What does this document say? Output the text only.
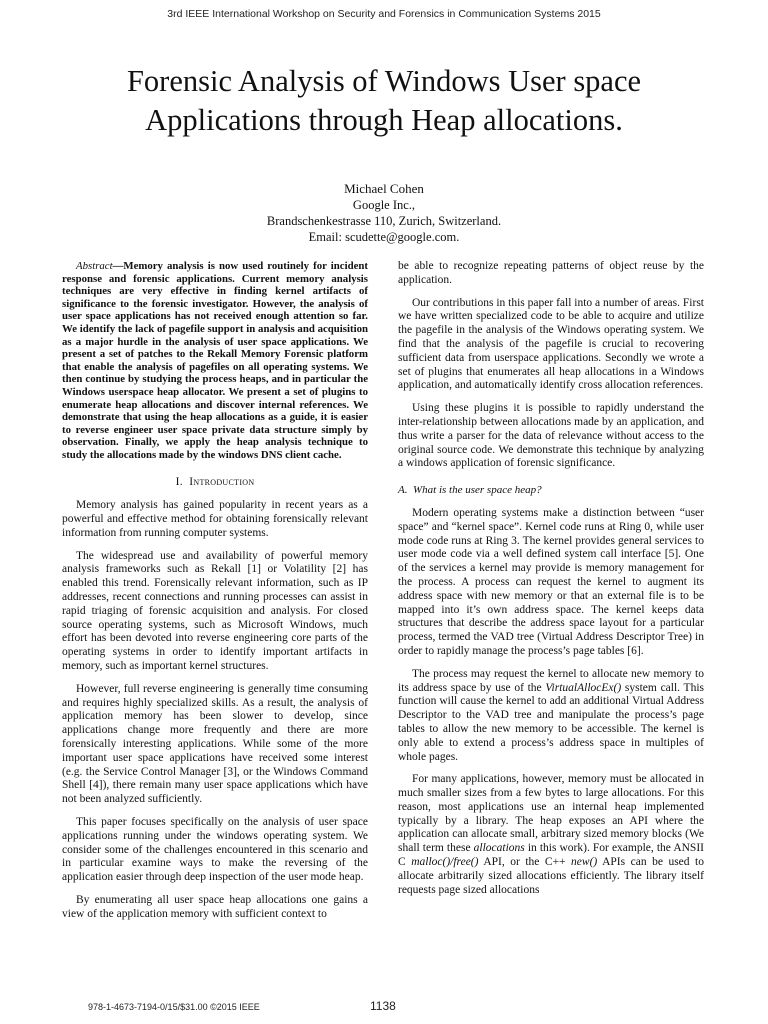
3rd IEEE International Workshop on Security and Forensics in Communication Systems 2015
Forensic Analysis of Windows User space
Applications through Heap allocations.
Michael Cohen
Google Inc.,
Brandschenkestrasse 110, Zurich, Switzerland.
Email: scudette@google.com.

Abstract—Memory analysis is now used routinely for incident response and forensic applications. Current memory analysis techniques are very effective in finding kernel artifacts of significance to the forensic investigator. However, the analysis of user space applications has not received enough attention so far. We identify the lack of pagefile support in analysis and acquisition as a major hurdle in the analysis of user space applications. We present a set of patches to the Rekall Memory Forensic platform that enable the analysis of pagefiles on all operating systems. We then continue by studying the process heaps, and in particular the Windows userspace heap allocator. We present a set of plugins to enumerate heap allocations and discover internal references. We demonstrate that using the heap allocations as a guide, it is easier to reverse engineer user space private data structure simply by observation. Finally, we apply the heap analysis technique to study the allocations made by the windows DNS client cache.

I. Introduction

Memory analysis has gained popularity in recent years as a powerful and effective method for obtaining forensically relevant information from running computer systems.

The widespread use and availability of powerful memory analysis frameworks such as Rekall [1] or Volatility [2] has enabled this trend. Forensically relevant information, such as IP addresses, recent connections and running processes can assist in rapid triaging of forensic acquisition and analysis. For closed source operating systems, such as Microsoft Windows, much effort has been devoted into reverse engineering core parts of the operating systems in order to identify important artifacts in memory, such as important kernel structures.

However, full reverse engineering is generally time consuming and requires highly specialized skills. As a result, the analysis of application memory has been slower to develop, since applications change more frequently and there are more forensically interesting applications. While some of the more important user space applications have received some interest (e.g. the Service Control Manager [3], or the Windows Command Shell [4]), there remain many user space applications which have not been analyzed sufficiently.

This paper focuses specifically on the analysis of user space applications running under the windows operating system. We consider some of the challenges encountered in this scenario and in particular examine ways to make the reversing of the application easier through deep inspection of the user mode heap.

By enumerating all user space heap allocations one gains a view of the application memory with sufficient context to

be able to recognize repeating patterns of object reuse by the application.

Our contributions in this paper fall into a number of areas. First we have written specialized code to be able to acquire and utilize the pagefile in the analysis of the Windows operating system. We find that the analysis of the pagefile is crucial to recovering sufficient data from userspace applications. Secondly we wrote a set of plugins that enumerates all heap allocations in a Windows application, and automatically identify cross allocation references.

Using these plugins it is possible to rapidly understand the inter-relationship between allocations made by an application, and thus write a parser for the data of relevance without access to the original source code. We demonstrate this technique by analyzing a windows application of forensic significance.

A. What is the user space heap?

Modern operating systems make a distinction between “user space” and “kernel space”. Kernel code runs at Ring 0, while user mode code runs at Ring 3. The kernel provides general services to user mode code via a well defined system call interface [5]. One of the services a kernel may provide is memory management for the process. A process can request the kernel to augment its address space with new memory or that an external file is to be mapped into it’s own address space. The kernel keeps data structures that describe the address space layout for a particular process, termed the VAD tree (Virtual Address Descriptor Tree) in order to rapidly manage the process’s page tables [6].

The process may request the kernel to allocate new memory to its address space by use of the VirtualAllocEx() system call. This function will cause the kernel to add an additional Virtual Address Descriptor to the VAD tree and manipulate the process’s page tables to allow the new memory to be accessible. The kernel is only able to extend a process’s address space in multiples of whole pages.

For many applications, however, memory must be allocated in much smaller sizes from a few bytes to large allocations. For this reason, most applications use an internal heap implemented typically by a library. The heap exposes an API where the application can allocate small, arbitrary sized memory blocks (We shall term these allocations in this work). For example, the ANSII C malloc()/free() API, or the C++ new() APIs can be used to allocate arbitrarily sized allocations efficiently. The library itself requests page sized allocations

978-1-4673-7194-0/15/$31.00 ©2015 IEEE	1138
